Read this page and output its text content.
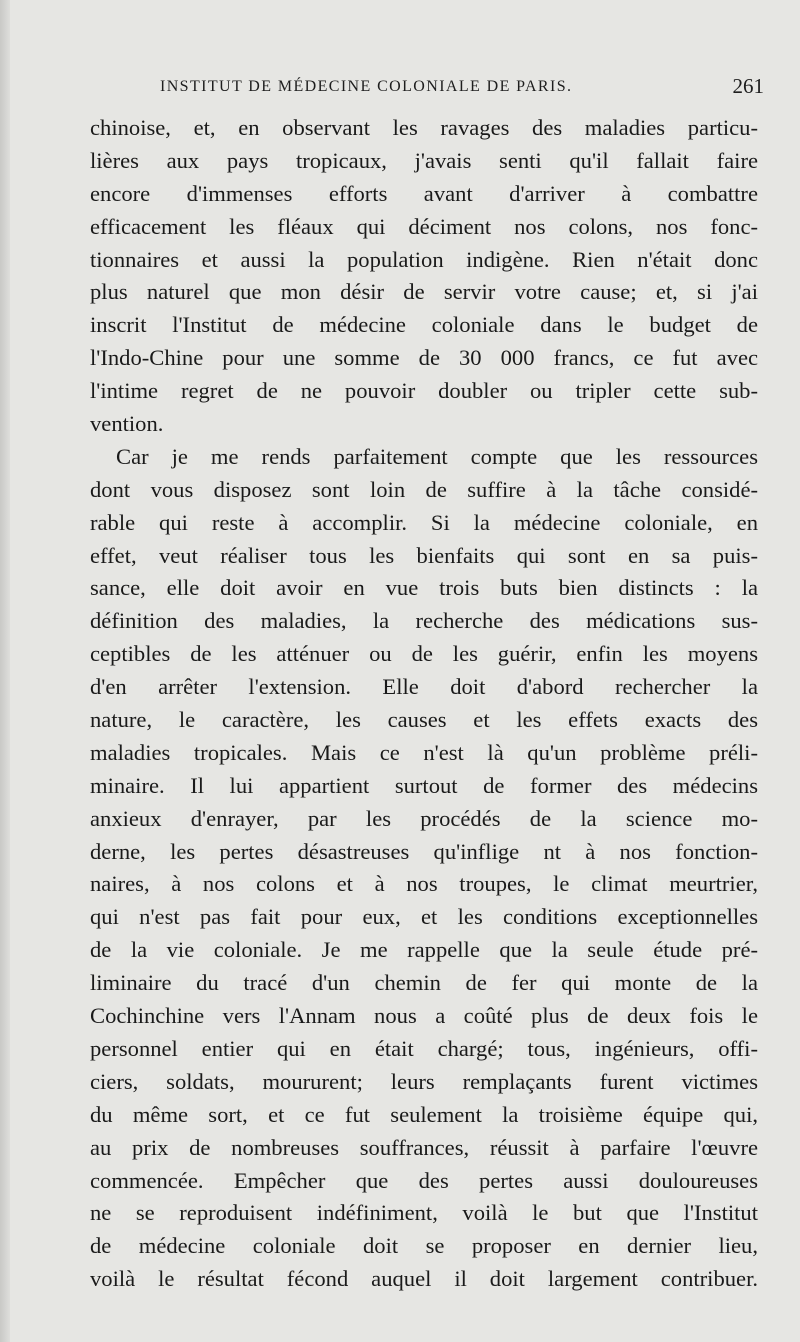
INSTITUT DE MÉDECINE COLONIALE DE PARIS.	261
chinoise, et, en observant les ravages des maladies particu-
lières aux pays tropicaux, j'avais senti qu'il fallait faire
encore d'immenses efforts avant d'arriver à combattre
efficacement les fléaux qui déciment nos colons, nos fonc-
tionnaires et aussi la population indigène. Rien n'était donc
plus naturel que mon désir de servir votre cause; et, si j'ai
inscrit l'Institut de médecine coloniale dans le budget de
l'Indo-Chine pour une somme de 30 000 francs, ce fut avec
l'intime regret de ne pouvoir doubler ou tripler cette sub-
vention.
Car je me rends parfaitement compte que les ressources
dont vous disposez sont loin de suffire à la tâche considé-
rable qui reste à accomplir. Si la médecine coloniale, en
effet, veut réaliser tous les bienfaits qui sont en sa puis-
sance, elle doit avoir en vue trois buts bien distincts : la
définition des maladies, la recherche des médications sus-
ceptibles de les atténuer ou de les guérir, enfin les moyens
d'en arrêter l'extension. Elle doit d'abord rechercher la
nature, le caractère, les causes et les effets exacts des
maladies tropicales. Mais ce n'est là qu'un problème préli-
minaire. Il lui appartient surtout de former des médecins
anxieux d'enrayer, par les procédés de la science mo-
derne, les pertes désastreuses qu'inflige nt à nos fonction-
naires, à nos colons et à nos troupes, le climat meurtrier,
qui n'est pas fait pour eux, et les conditions exceptionnelles
de la vie coloniale. Je me rappelle que la seule étude pré-
liminaire du tracé d'un chemin de fer qui monte de la
Cochinchine vers l'Annam nous a coûté plus de deux fois le
personnel entier qui en était chargé; tous, ingénieurs, offi-
ciers, soldats, moururent; leurs remplaçants furent victimes
du même sort, et ce fut seulement la troisième équipe qui,
au prix de nombreuses souffrances, réussit à parfaire l'œuvre
commencée. Empêcher que des pertes aussi douloureuses
ne se reproduisent indéfiniment, voilà le but que l'Institut
de médecine coloniale doit se proposer en dernier lieu,
voilà le résultat fécond auquel il doit largement contribuer.
